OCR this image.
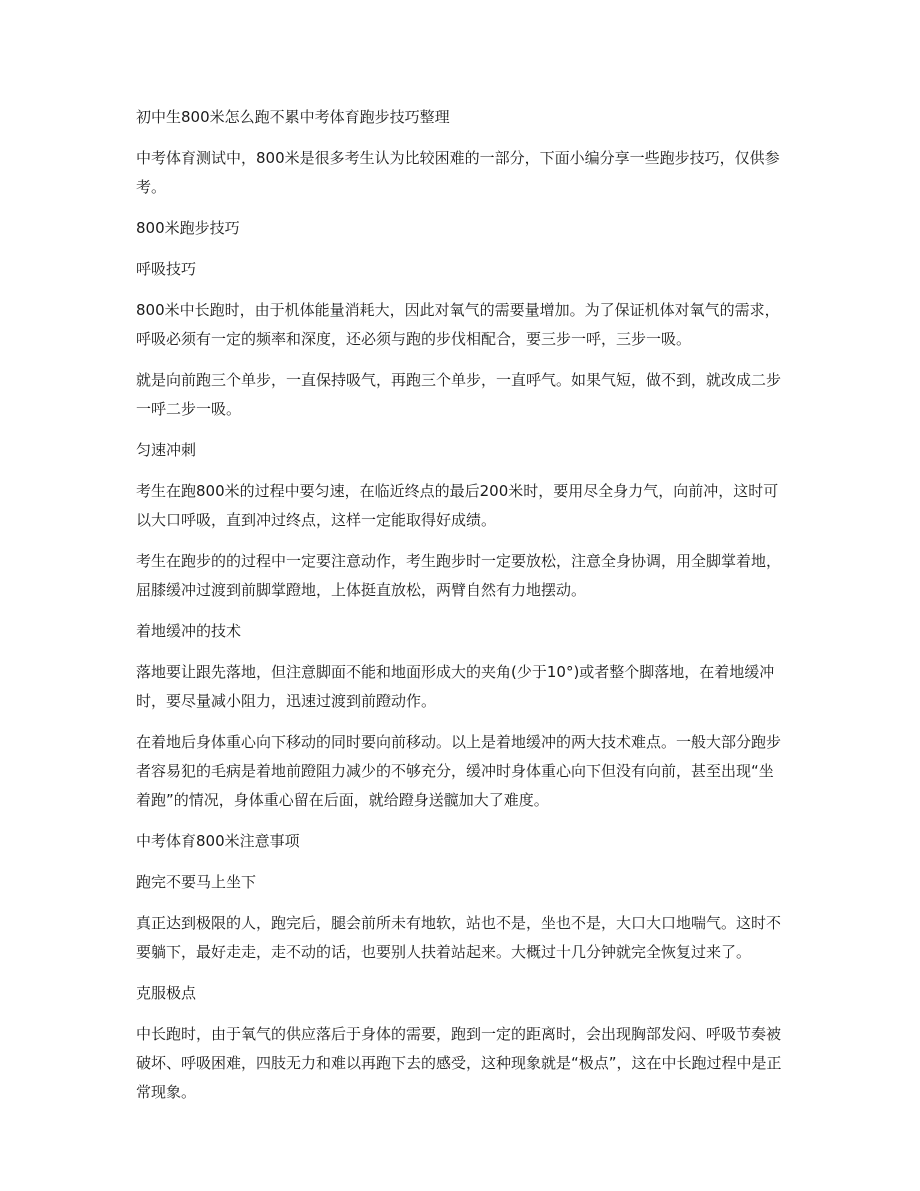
初中生800米怎么跑不累中考体育跑步技巧整理

中考体育测试中，800米是很多考生认为比较困难的一部分，下面小编分享一些跑步技巧，仅供参考。

800米跑步技巧

呼吸技巧

800米中长跑时，由于机体能量消耗大，因此对氧气的需要量增加。为了保证机体对氧气的需求，呼吸必须有一定的频率和深度，还必须与跑的步伐相配合，要三步一呼，三步一吸。

就是向前跑三个单步，一直保持吸气，再跑三个单步，一直呼气。如果气短，做不到，就改成二步一呼二步一吸。

匀速冲刺

考生在跑800米的过程中要匀速，在临近终点的最后200米时，要用尽全身力气，向前冲，这时可以大口呼吸，直到冲过终点，这样一定能取得好成绩。

考生在跑步的的过程中一定要注意动作，考生跑步时一定要放松，注意全身协调，用全脚掌着地，屈膝缓冲过渡到前脚掌蹬地，上体挺直放松，两臂自然有力地摆动。

着地缓冲的技术

落地要让跟先落地，但注意脚面不能和地面形成大的夹角(少于10°)或者整个脚落地，在着地缓冲时，要尽量减小阻力，迅速过渡到前蹬动作。

在着地后身体重心向下移动的同时要向前移动。以上是着地缓冲的两大技术难点。一般大部分跑步者容易犯的毛病是着地前蹬阻力减少的不够充分，缓冲时身体重心向下但没有向前，甚至出现“坐着跑”的情况，身体重心留在后面，就给蹬身送髋加大了难度。

中考体育800米注意事项

跑完不要马上坐下

真正达到极限的人，跑完后，腿会前所未有地软，站也不是，坐也不是，大口大口地喘气。这时不要躺下，最好走走，走不动的话，也要别人扶着站起来。大概过十几分钟就完全恢复过来了。

克服极点

中长跑时，由于氧气的供应落后于身体的需要，跑到一定的距离时，会出现胸部发闷、呼吸节奏被破坏、呼吸困难，四肢无力和难以再跑下去的感受，这种现象就是“极点”，这在中长跑过程中是正常现象。
